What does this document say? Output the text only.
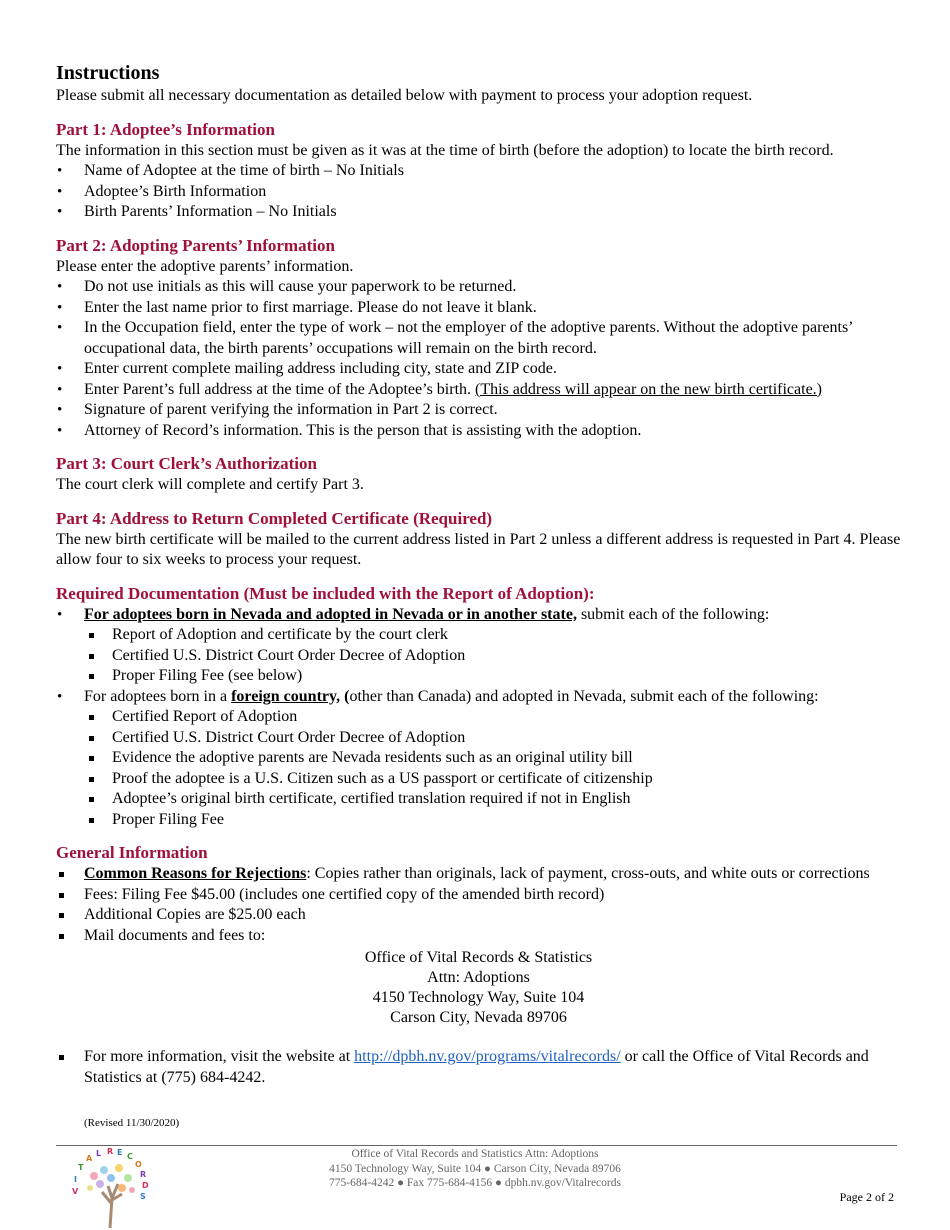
Instructions

Please submit all necessary documentation as detailed below with payment to process your adoption request.

Part 1: Adoptee’s Information

The information in this section must be given as it was at the time of birth (before the adoption) to locate the birth record.

• Name of Adoptee at the time of birth – No Initials
• Adoptee’s Birth Information
• Birth Parents’ Information – No Initials
Part 2: Adopting Parents’ Information

Please enter the adoptive parents’ information.

• Do not use initials as this will cause your paperwork to be returned.
• Enter the last name prior to first marriage. Please do not leave it blank.
• In the Occupation field, enter the type of work – not the employer of the adoptive parents. Without the adoptive parents’ occupational data, the birth parents’ occupations will remain on the birth record.
• Enter current complete mailing address including city, state and ZIP code.
• Enter Parent’s full address at the time of the Adoptee’s birth. (This address will appear on the new birth certificate.)
• Signature of parent verifying the information in Part 2 is correct.
• Attorney of Record’s information. This is the person that is assisting with the adoption.
Part 3: Court Clerk’s Authorization

The court clerk will complete and certify Part 3.

Part 4: Address to Return Completed Certificate (Required)

The new birth certificate will be mailed to the current address listed in Part 2 unless a different address is requested in Part 4. Please allow four to six weeks to process your request.

Required Documentation (Must be included with the Report of Adoption):
• For adoptees born in Nevada and adopted in Nevada or in another state, submit each of the following:
Report of Adoption and certificate by the court clerk
Certified U.S. District Court Order Decree of Adoption
Proper Filing Fee (see below)
• For adoptees born in a foreign country, (other than Canada) and adopted in Nevada, submit each of the following:
Certified Report of Adoption
Certified U.S. District Court Order Decree of Adoption
Evidence the adoptive parents are Nevada residents such as an original utility bill
Proof the adoptee is a U.S. Citizen such as a US passport or certificate of citizenship
Adoptee’s original birth certificate, certified translation required if not in English
Proper Filing Fee
General Information
Common Reasons for Rejections: Copies rather than originals, lack of payment, cross-outs, and white outs or corrections
Fees: Filing Fee $45.00 (includes one certified copy of the amended birth record)
Additional Copies are $25.00 each
Mail documents and fees to:
Office of Vital Records & Statistics
Attn: Adoptions
4150 Technology Way, Suite 104
Carson City, Nevada 89706
For more information, visit the website at http://dpbh.nv.gov/programs/vitalrecords/ or call the Office of Vital Records and Statistics at (775) 684-4242.
(Revised 11/30/2020)
V
I
T
A
L R E C
O
R
D
S
Office of Vital Records and Statistics Attn: Adoptions
4150 Technology Way, Suite 104 ● Carson City, Nevada 89706
775-684-4242 ● Fax 775-684-4156 ● dpbh.nv.gov/Vitalrecords
Page 2 of 2
